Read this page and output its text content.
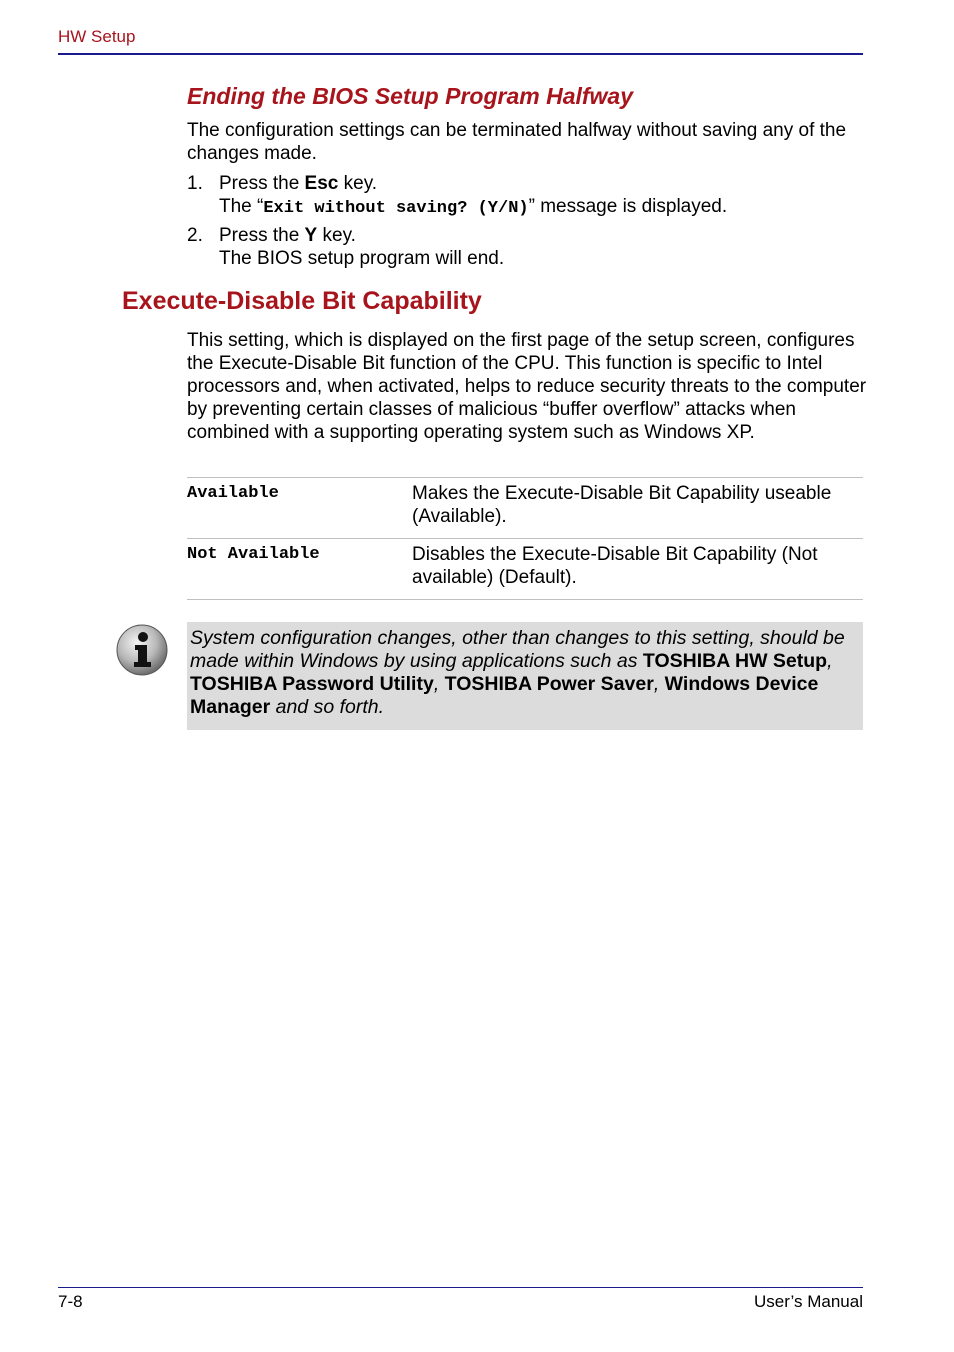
HW Setup
Ending the BIOS Setup Program Halfway
The configuration settings can be terminated halfway without saving any of the changes made.
1. Press the Esc key.
The “Exit without saving? (Y/N)” message is displayed.
2. Press the Y key.
The BIOS setup program will end.
Execute-Disable Bit Capability
This setting, which is displayed on the first page of the setup screen, configures the Execute-Disable Bit function of the CPU. This function is specific to Intel processors and, when activated, helps to reduce security threats to the computer by preventing certain classes of malicious “buffer overflow” attacks when combined with a supporting operating system such as Windows XP.
Available	Makes the Execute-Disable Bit Capability useable (Available).
Not Available	Disables the Execute-Disable Bit Capability (Not available) (Default).
System configuration changes, other than changes to this setting, should be made within Windows by using applications such as TOSHIBA HW Setup, TOSHIBA Password Utility, TOSHIBA Power Saver, Windows Device Manager and so forth.
7-8	User’s Manual
